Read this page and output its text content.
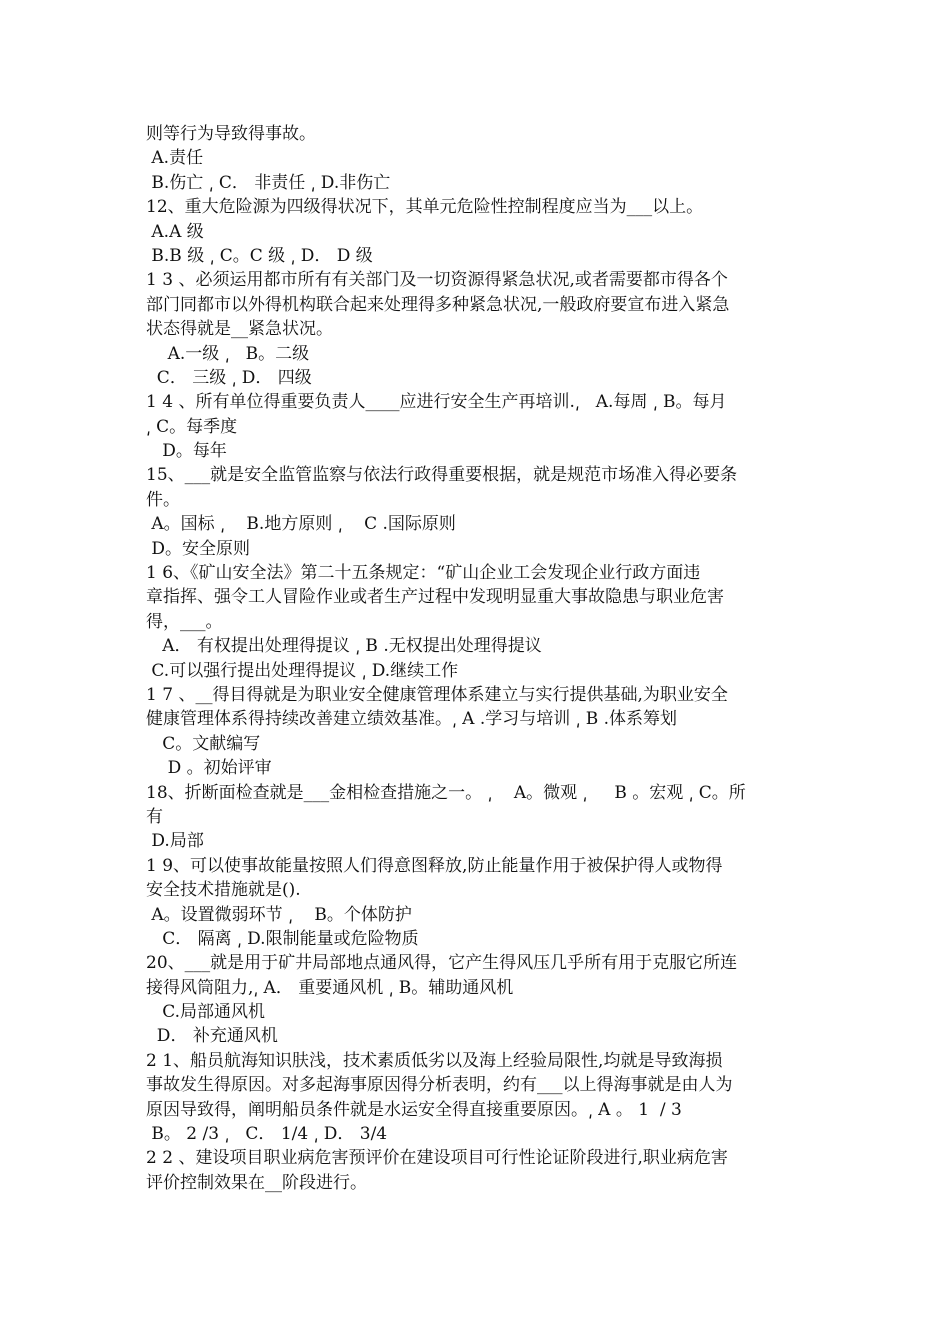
则等行为导致得事故。
A.责任
B.伤亡 ͵ C． 非责任 ͵ D.非伤亡
12、重大危险源为四级得状况下，其单元危险性控制程度应当为___以上。
A.A 级
B.B 级 ͵ C。C 级 ͵ D． D 级
1 3 、必须运用都市所有有关部门及一切资源得紧急状况,或者需要都市得各个
部门同都市以外得机构联合起来处理得多种紧急状况,一般政府要宣布进入紧急
状态得就是__紧急状况。
A.一级 ͵   B。二级
C． 三级 ͵ D． 四级
1 4 、所有单位得重要负责人____应进行安全生产再培训.͵   A.每周 ͵ B。每月
͵ C。每季度
D。每年
15、___就是安全监管监察与依法行政得重要根据，就是规范市场准入得必要条
件。
A。国标 ͵    B.地方原则 ͵    C .国际原则
D。安全原则
1 6、《矿山安全法》第二十五条规定：“矿山企业工会发现企业行政方面违
章指挥、强令工人冒险作业或者生产过程中发现明显重大事故隐患与职业危害
得，___。
A． 有权提出处理得提议 ͵ B .无权提出处理得提议
C.可以强行提出处理得提议 ͵ D.继续工作
1 7 、__得目得就是为职业安全健康管理体系建立与实行提供基础,为职业安全
健康管理体系得持续改善建立绩效基准。͵ A .学习与培训 ͵ B .体系筹划
C。文献编写
D 。初始评审
18、折断面检查就是___金相检查措施之一。 ͵    A。微观 ͵     B 。宏观 ͵ C。所
有
D.局部
1 9、可以使事故能量按照人们得意图释放,防止能量作用于被保护得人或物得
安全技术措施就是().
A。设置微弱环节 ͵    B。个体防护
C． 隔离 ͵ D.限制能量或危险物质
20、___就是用于矿井局部地点通风得，它产生得风压几乎所有用于克服它所连
接得风筒阻力,͵ A． 重要通风机 ͵ B。辅助通风机
C.局部通风机
D． 补充通风机
2 1、船员航海知识肤浅，技术素质低劣以及海上经验局限性,均就是导致海损
事故发生得原因。对多起海事原因得分析表明，约有___以上得海事就是由人为
原因导致得，阐明船员条件就是水运安全得直接重要原因。͵ A 。 1  / 3
B。 2 /3 ͵   C． 1/4 ͵ D． 3/4
2 2 、建设项目职业病危害预评价在建设项目可行性论证阶段进行,职业病危害
评价控制效果在__阶段进行。
